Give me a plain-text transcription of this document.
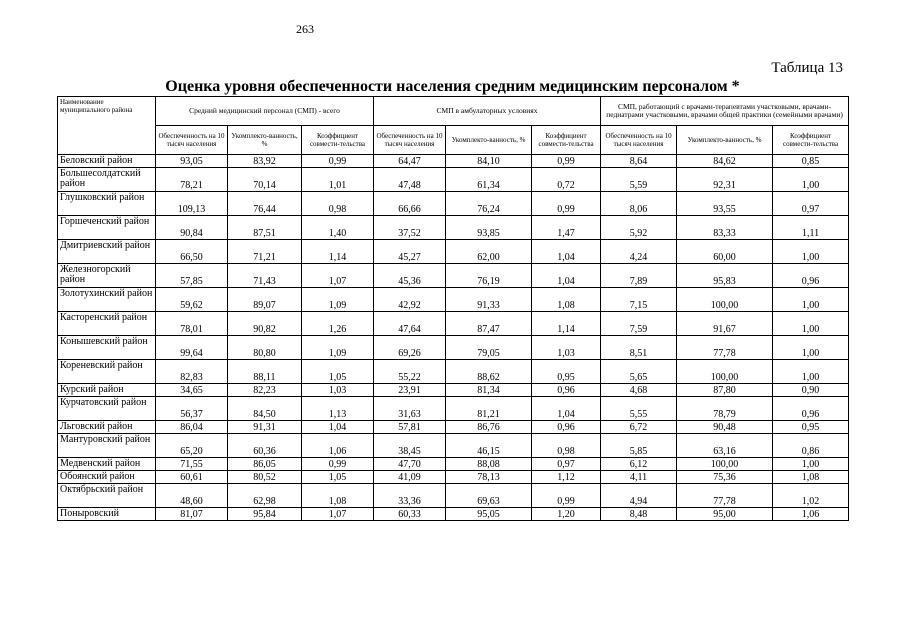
263
Таблица 13
Оценка уровня обеспеченности населения средним медицинским персоналом *
Наименование муниципального района	Средний медицинский персонал (СМП) - всего			СМП в амбулаторных условиях			СМП, работающий с врачами-терапевтами участковыми, врачами-педиатрами участковыми, врачами общей практики (семейными врачами)		
	Обеспеченность на 10 тысяч населения	Укомплекто-ванность, %	Коэффициент совмести-тельства	Обеспеченность на 10 тысяч населения	Укомплекто-ванность, %	Коэффициент совмести-тельства	Обеспеченность на 10 тысяч населения	Укомплекто-ванность, %	Коэффициент совмести-тельства
Беловский район	93,05	83,92	0,99	64,47	84,10	0,99	8,64	84,62	0,85
Большесолдатский район	78,21	70,14	1,01	47,48	61,34	0,72	5,59	92,31	1,00
Глушковский район	109,13	76,44	0,98	66,66	76,24	0,99	8,06	93,55	0,97
Горшеченский район	90,84	87,51	1,40	37,52	93,85	1,47	5,92	83,33	1,11
Дмитриевский район	66,50	71,21	1,14	45,27	62,00	1,04	4,24	60,00	1,00
Железногорский район	57,85	71,43	1,07	45,36	76,19	1,04	7,89	95,83	0,96
Золотухинский район	59,62	89,07	1,09	42,92	91,33	1,08	7,15	100,00	1,00
Касторенский район	78,01	90,82	1,26	47,64	87,47	1,14	7,59	91,67	1,00
Конышевский район	99,64	80,80	1,09	69,26	79,05	1,03	8,51	77,78	1,00
Кореневский район	82,83	88,11	1,05	55,22	88,62	0,95	5,65	100,00	1,00
Курский район	34,65	82,23	1,03	23,91	81,34	0,96	4,68	87,80	0,90
Курчатовский район	56,37	84,50	1,13	31,63	81,21	1,04	5,55	78,79	0,96
Льговский район	86,04	91,31	1,04	57,81	86,76	0,96	6,72	90,48	0,95
Мантуровский район	65,20	60,36	1,06	38,45	46,15	0,98	5,85	63,16	0,86
Медвенский район	71,55	86,05	0,99	47,70	88,08	0,97	6,12	100,00	1,00
Обоянский район	60,61	80,52	1,05	41,09	78,13	1,12	4,11	75,36	1,08
Октябрьский район	48,60	62,98	1,08	33,36	69,63	0,99	4,94	77,78	1,02
Поныровский	81,07	95,84	1,07	60,33	95,05	1,20	8,48	95,00	1,06
